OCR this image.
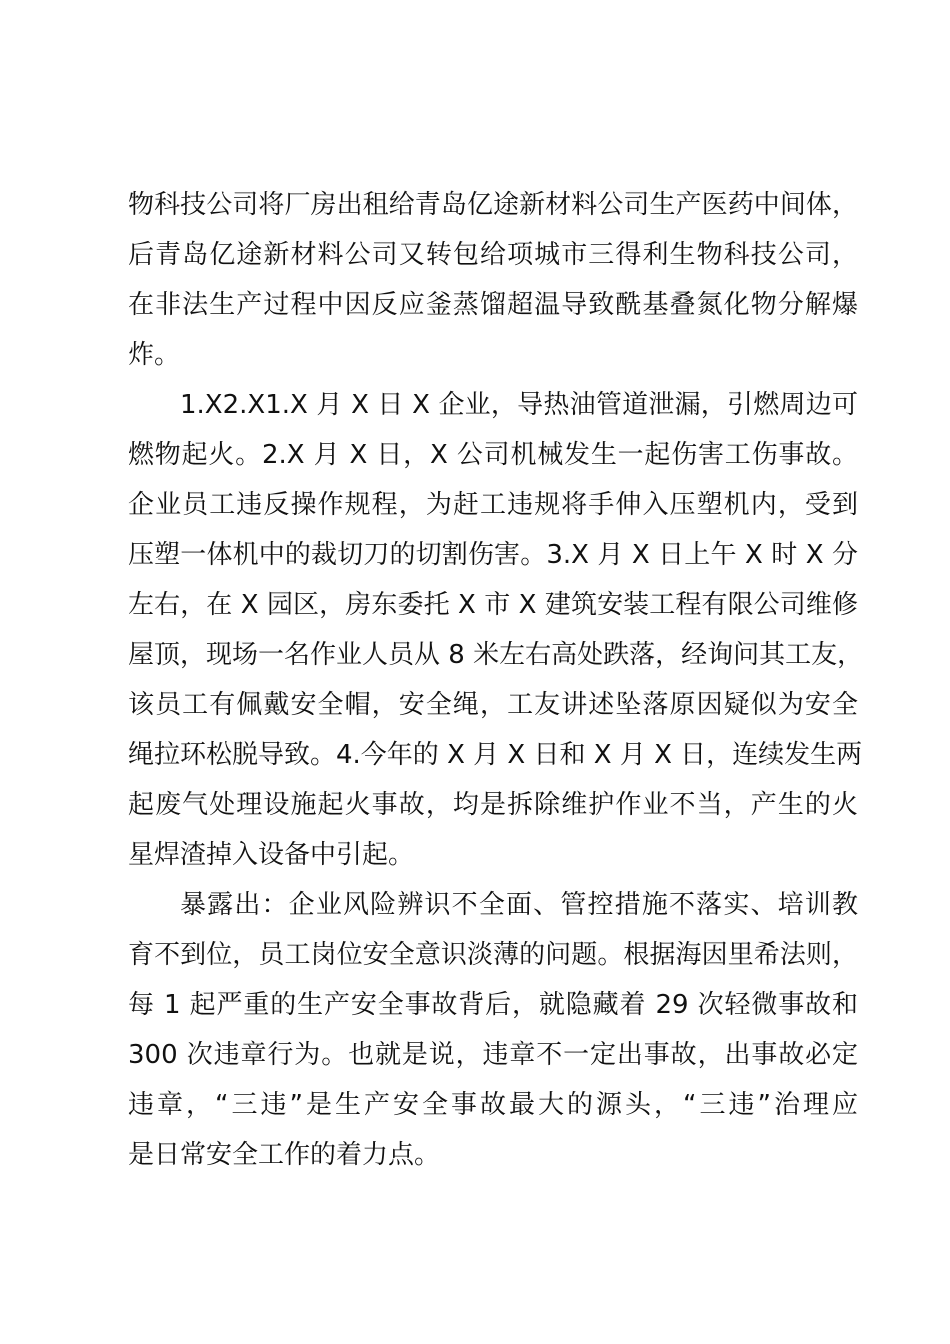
物科技公司将厂房出租给青岛亿途新材料公司生产医药中间体，
后青岛亿途新材料公司又转包给项城市三得利生物科技公司，
在非法生产过程中因反应釜蒸馏超温导致酰基叠氮化物分解爆
炸。
1.X2.X1.X 月 X 日 X 企业，导热油管道泄漏，引燃周边可
燃物起火。2.X 月 X 日，X 公司机械发生一起伤害工伤事故。
企业员工违反操作规程，为赶工违规将手伸入压塑机内，受到
压塑一体机中的裁切刀的切割伤害。3.X 月 X 日上午 X 时 X 分
左右，在 X 园区，房东委托 X 市 X 建筑安装工程有限公司维修
屋顶，现场一名作业人员从 8 米左右高处跌落，经询问其工友，
该员工有佩戴安全帽，安全绳，工友讲述坠落原因疑似为安全
绳拉环松脱导致。4.今年的 X 月 X 日和 X 月 X 日，连续发生两
起废气处理设施起火事故，均是拆除维护作业不当，产生的火
星焊渣掉入设备中引起。
暴露出：企业风险辨识不全面、管控措施不落实、培训教
育不到位，员工岗位安全意识淡薄的问题。根据海因里希法则，
每 1 起严重的生产安全事故背后，就隐藏着 29 次轻微事故和
300 次违章行为。也就是说，违章不一定出事故，出事故必定
违章，“三违”是生产安全事故最大的源头，“三违”治理应
是日常安全工作的着力点。
